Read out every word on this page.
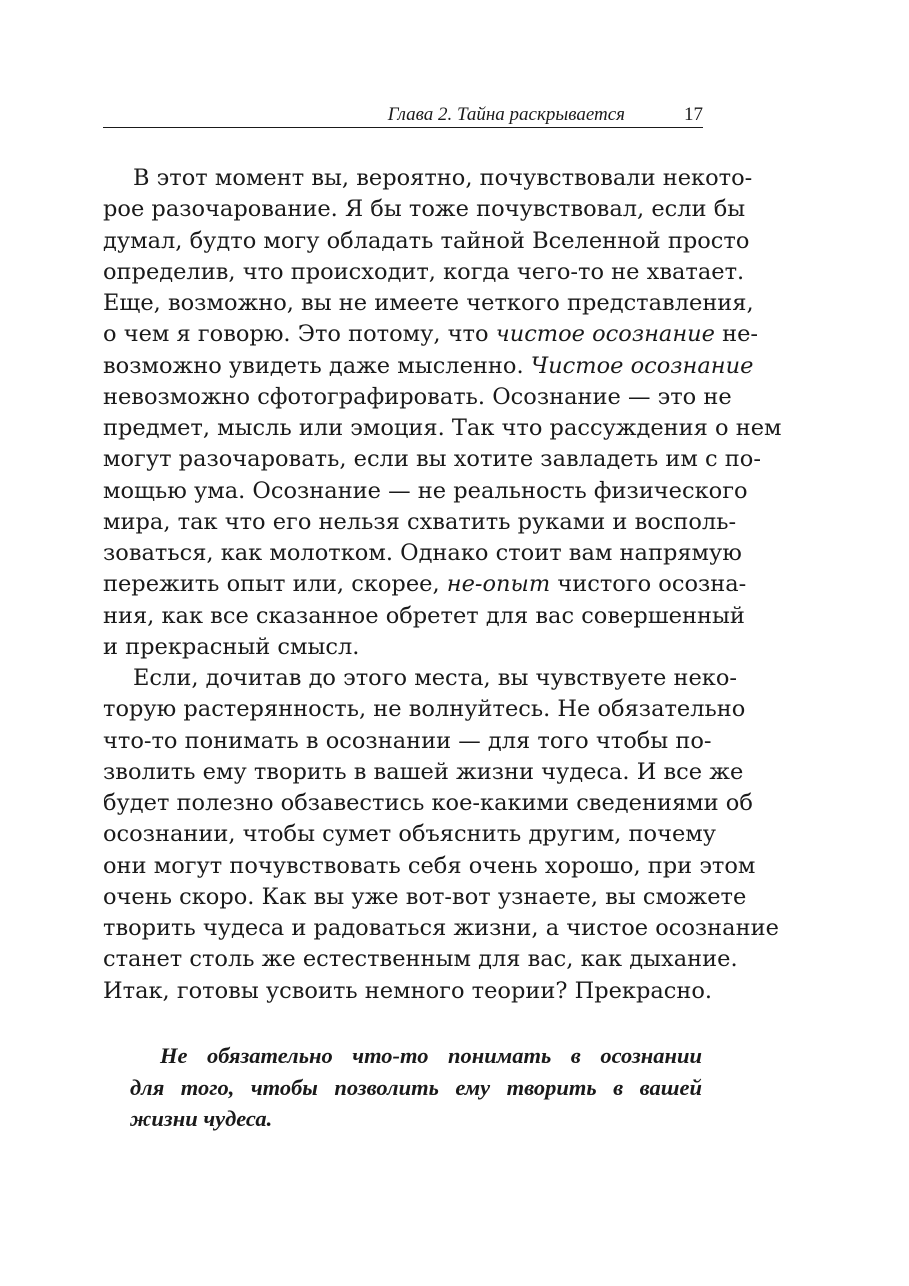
Глава 2. Тайна раскрывается	17
В этот момент вы, вероятно, почувствовали некото-
рое разочарование. Я бы тоже почувствовал, если бы
думал, будто могу обладать тайной Вселенной просто
определив, что происходит, когда чего-то не хватает.
Еще, возможно, вы не имеете четкого представления,
о чем я говорю. Это потому, что чистое осознание не-
возможно увидеть даже мысленно. Чистое осознание
невозможно сфотографировать. Осознание — это не
предмет, мысль или эмоция. Так что рассуждения о нем
могут разочаровать, если вы хотите завладеть им с по-
мощью ума. Осознание — не реальность физического
мира, так что его нельзя схватить руками и восполь-
зоваться, как молотком. Однако стоит вам напрямую
пережить опыт или, скорее, не-опыт чистого осозна-
ния, как все сказанное обретет для вас совершенный
и прекрасный смысл.
Если, дочитав до этого места, вы чувствуете неко-
торую растерянность, не волнуйтесь. Не обязательно
что-то понимать в осознании — для того чтобы по-
зволить ему творить в вашей жизни чудеса. И все же
будет полезно обзавестись кое-какими сведениями об
осознании, чтобы сумет объяснить другим, почему
они могут почувствовать себя очень хорошо, при этом
очень скоро. Как вы уже вот-вот узнаете, вы сможете
творить чудеса и радоваться жизни, а чистое осознание
станет столь же естественным для вас, как дыхание.
Итак, готовы усвоить немного теории? Прекрасно.
Не обязательно что-то понимать в осознании
для того, чтобы позволить ему творить в вашей
жизни чудеса.
